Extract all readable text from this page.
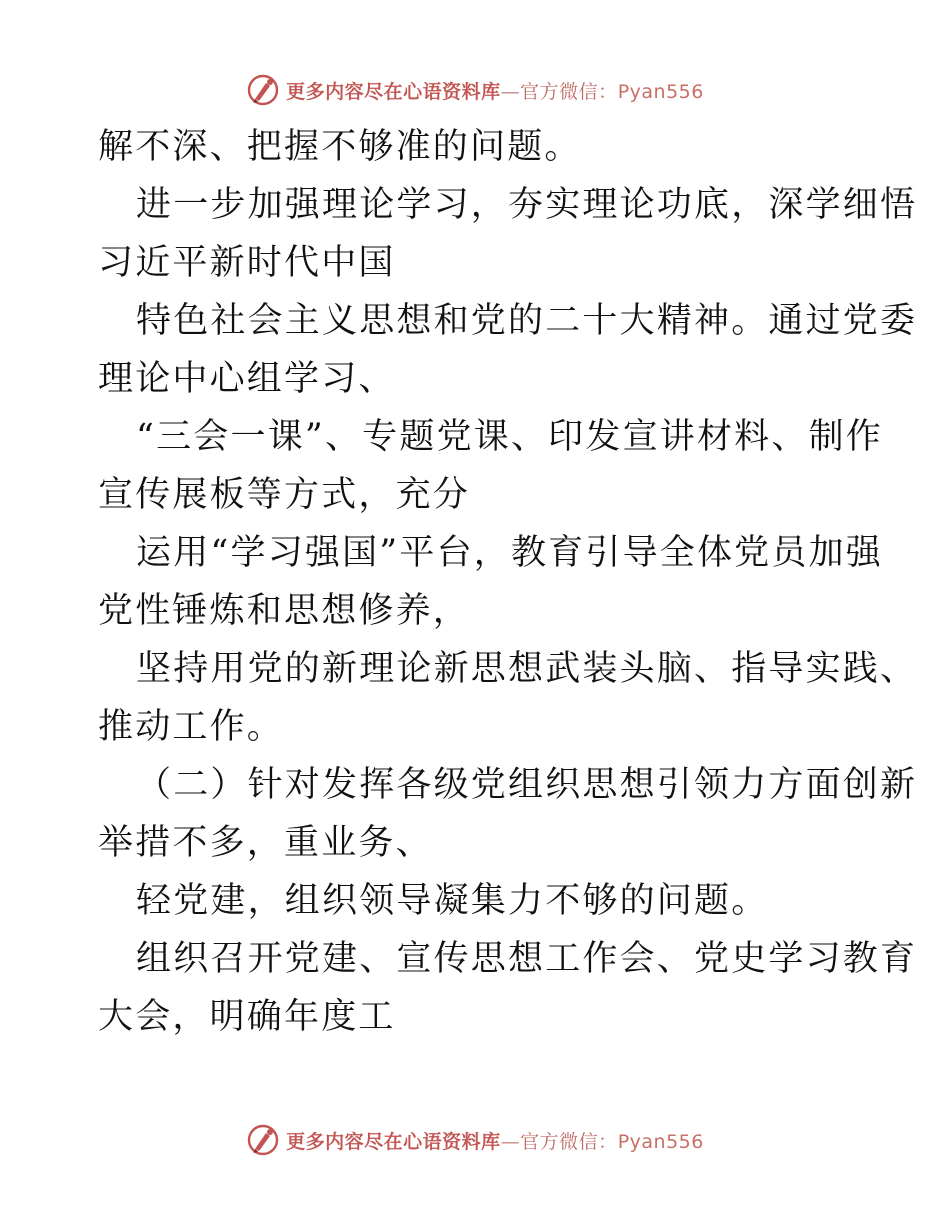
更多内容尽在心语资料库—官方微信：Pyan556
解不深、把握不够准的问题。
进一步加强理论学习，夯实理论功底，深学细悟
习近平新时代中国
特色社会主义思想和党的二十大精神。通过党委
理论中心组学习、
“三会一课”、专题党课、印发宣讲材料、制作
宣传展板等方式，充分
运用“学习强国”平台，教育引导全体党员加强
党性锤炼和思想修养，
坚持用党的新理论新思想武装头脑、指导实践、
推动工作。
（二）针对发挥各级党组织思想引领力方面创新
举措不多，重业务、
轻党建，组织领导凝集力不够的问题。
组织召开党建、宣传思想工作会、党史学习教育
大会，明确年度工
更多内容尽在心语资料库—官方微信：Pyan556
